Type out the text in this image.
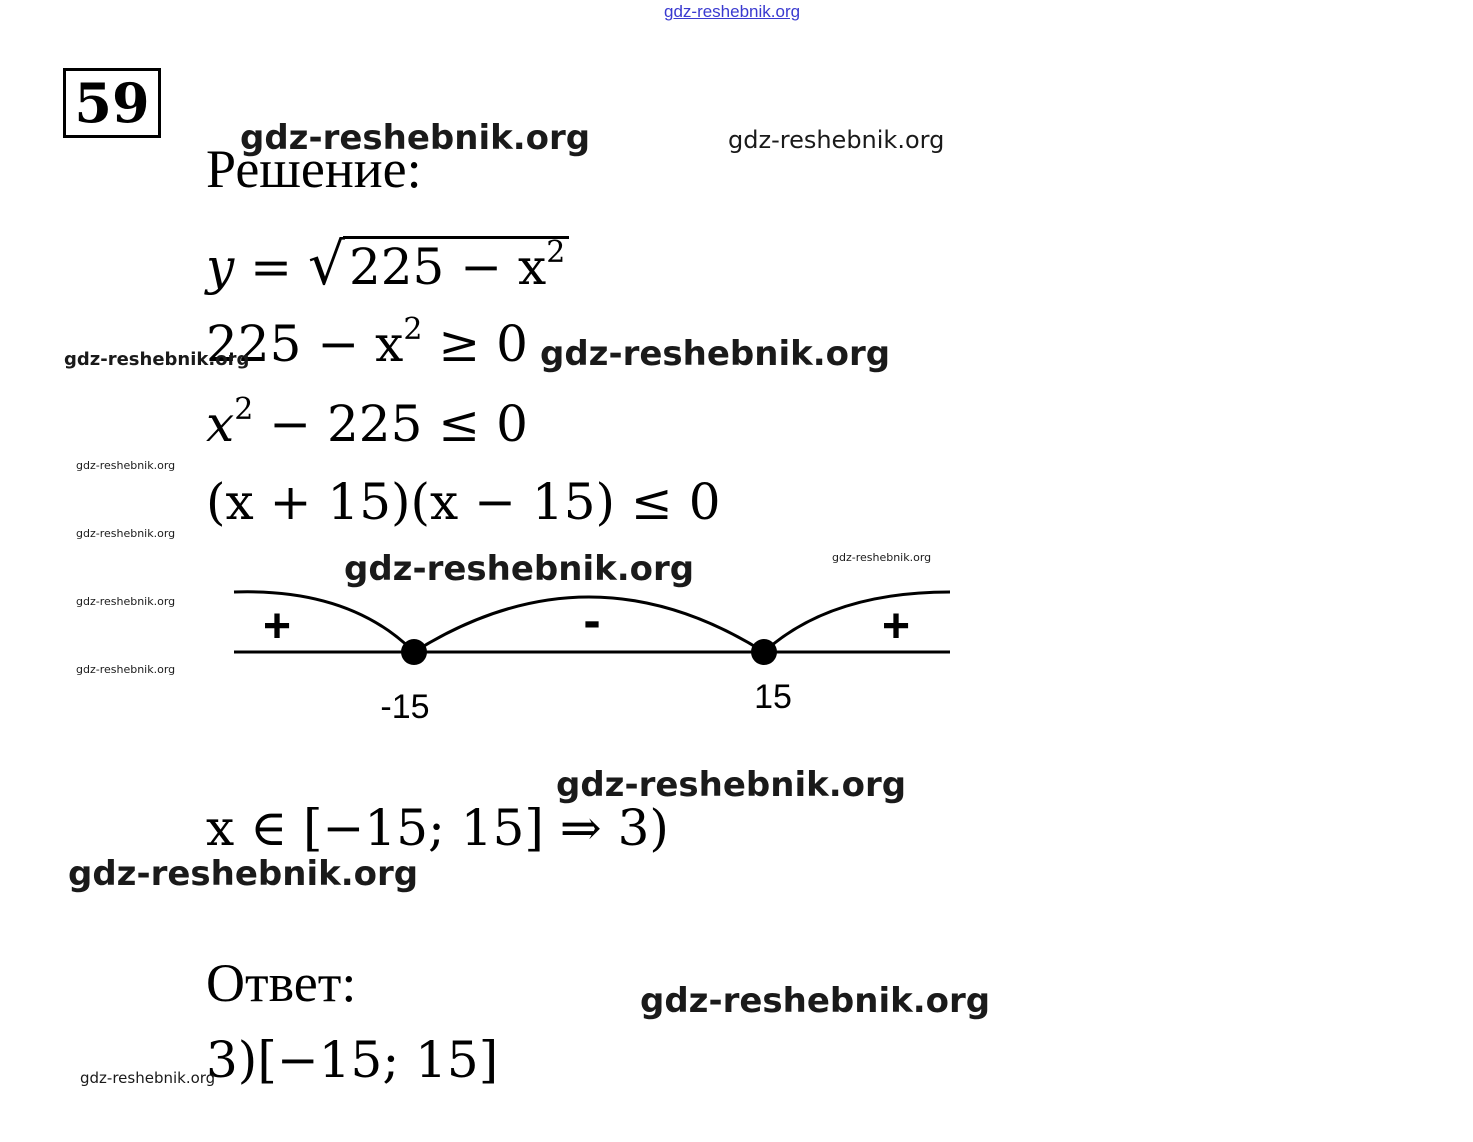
gdz-reshebnik.org
59
Решение:
$y = √225 - x^2$
$225 - x^2 \ge 0$
$x^2 - 225 \le 0$
(x + 15)(x − 15) ≤ 0
+	-	+
-15	15
x ∈ [−15; 15] ⇒ 3)
Ответ:
3)[−15; 15]
gdz-reshebnik.org	gdz-reshebnik.org
gdz-reshebnik.org	gdz-reshebnik.org
gdz-reshebnik.org
gdz-reshebnik.org
gdz-reshebnik.org	gdz-reshebnik.org
gdz-reshebnik.org
gdz-reshebnik.org
gdz-reshebnik.org
gdz-reshebnik.org
gdz-reshebnik.org
gdz-reshebnik.org
